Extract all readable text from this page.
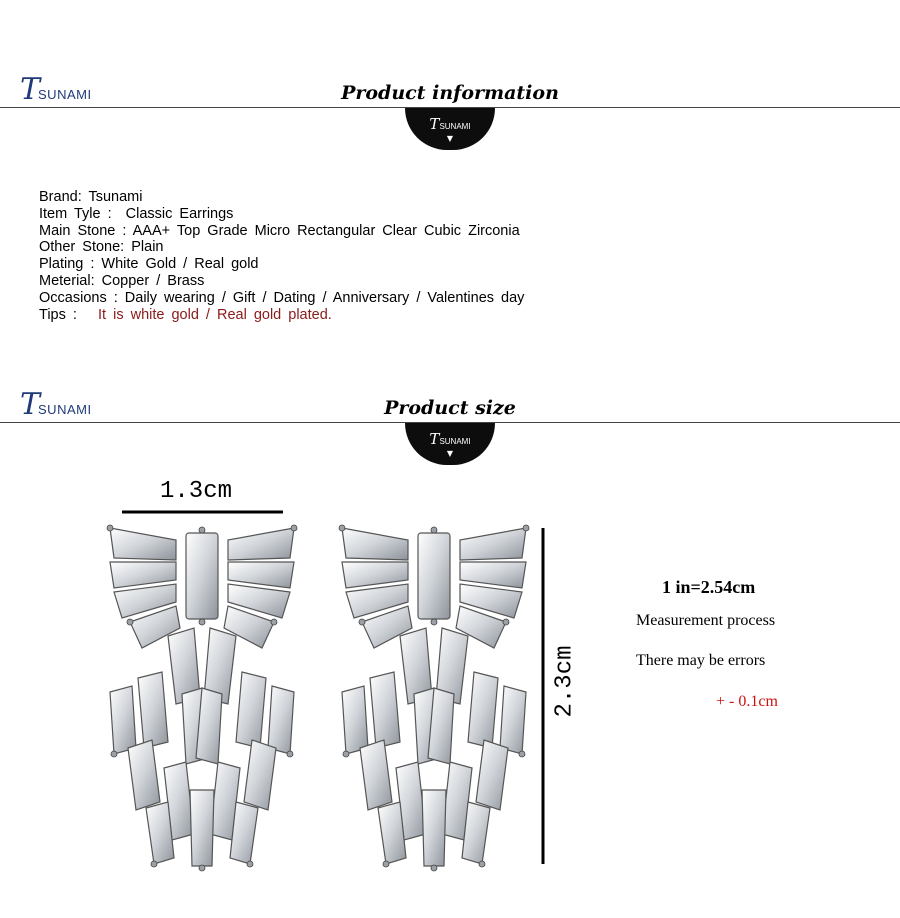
T
SUNAMI	Product information
TSUNAMI
▼
Brand: Tsunami
Item Tyle :  Classic Earrings
Main Stone : AAA+ Top Grade Micro Rectangular Clear Cubic Zirconia
Other Stone: Plain
Plating : White Gold / Real gold
Meterial: Copper / Brass
Occasions : Daily wearing / Gift / Dating / Anniversary / Valentines day
Tips : It is white gold / Real gold plated.
T
SUNAMI	Product size
TSUNAMI
▼
1.3cm
2.3cm
1 in=2.54cm
Measurement process
There may be errors
+ - 0.1cm
